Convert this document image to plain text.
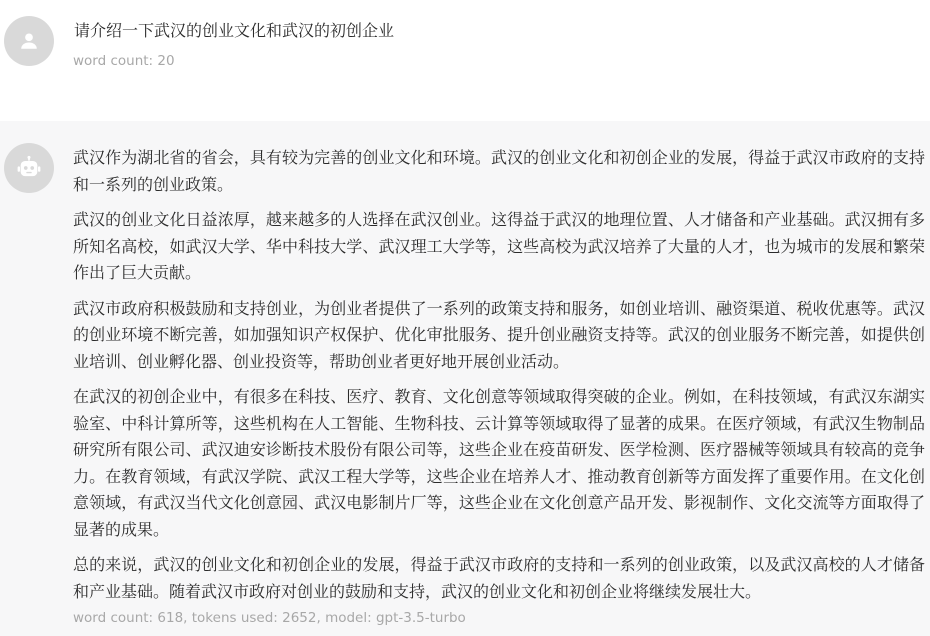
请介绍一下武汉的创业文化和武汉的初创企业
word count: 20

武汉作为湖北省的省会，具有较为完善的创业文化和环境。武汉的创业文化和初创企业的发展，得益于武汉市政府的支持和一系列的创业政策。

武汉的创业文化日益浓厚，越来越多的人选择在武汉创业。这得益于武汉的地理位置、人才储备和产业基础。武汉拥有多所知名高校，如武汉大学、华中科技大学、武汉理工大学等，这些高校为武汉培养了大量的人才，也为城市的发展和繁荣作出了巨大贡献。

武汉市政府积极鼓励和支持创业，为创业者提供了一系列的政策支持和服务，如创业培训、融资渠道、税收优惠等。武汉的创业环境不断完善，如加强知识产权保护、优化审批服务、提升创业融资支持等。武汉的创业服务不断完善，如提供创业培训、创业孵化器、创业投资等，帮助创业者更好地开展创业活动。

在武汉的初创企业中，有很多在科技、医疗、教育、文化创意等领域取得突破的企业。例如，在科技领域，有武汉东湖实验室、中科计算所等，这些机构在人工智能、生物科技、云计算等领域取得了显著的成果。在医疗领域，有武汉生物制品研究所有限公司、武汉迪安诊断技术股份有限公司等，这些企业在疫苗研发、医学检测、医疗器械等领域具有较高的竞争力。在教育领域，有武汉学院、武汉工程大学等，这些企业在培养人才、推动教育创新等方面发挥了重要作用。在文化创意领域，有武汉当代文化创意园、武汉电影制片厂等，这些企业在文化创意产品开发、影视制作、文化交流等方面取得了显著的成果。

总的来说，武汉的创业文化和初创企业的发展，得益于武汉市政府的支持和一系列的创业政策，以及武汉高校的人才储备和产业基础。随着武汉市政府对创业的鼓励和支持，武汉的创业文化和初创企业将继续发展壮大。

word count: 618, tokens used: 2652, model: gpt-3.5-turbo
